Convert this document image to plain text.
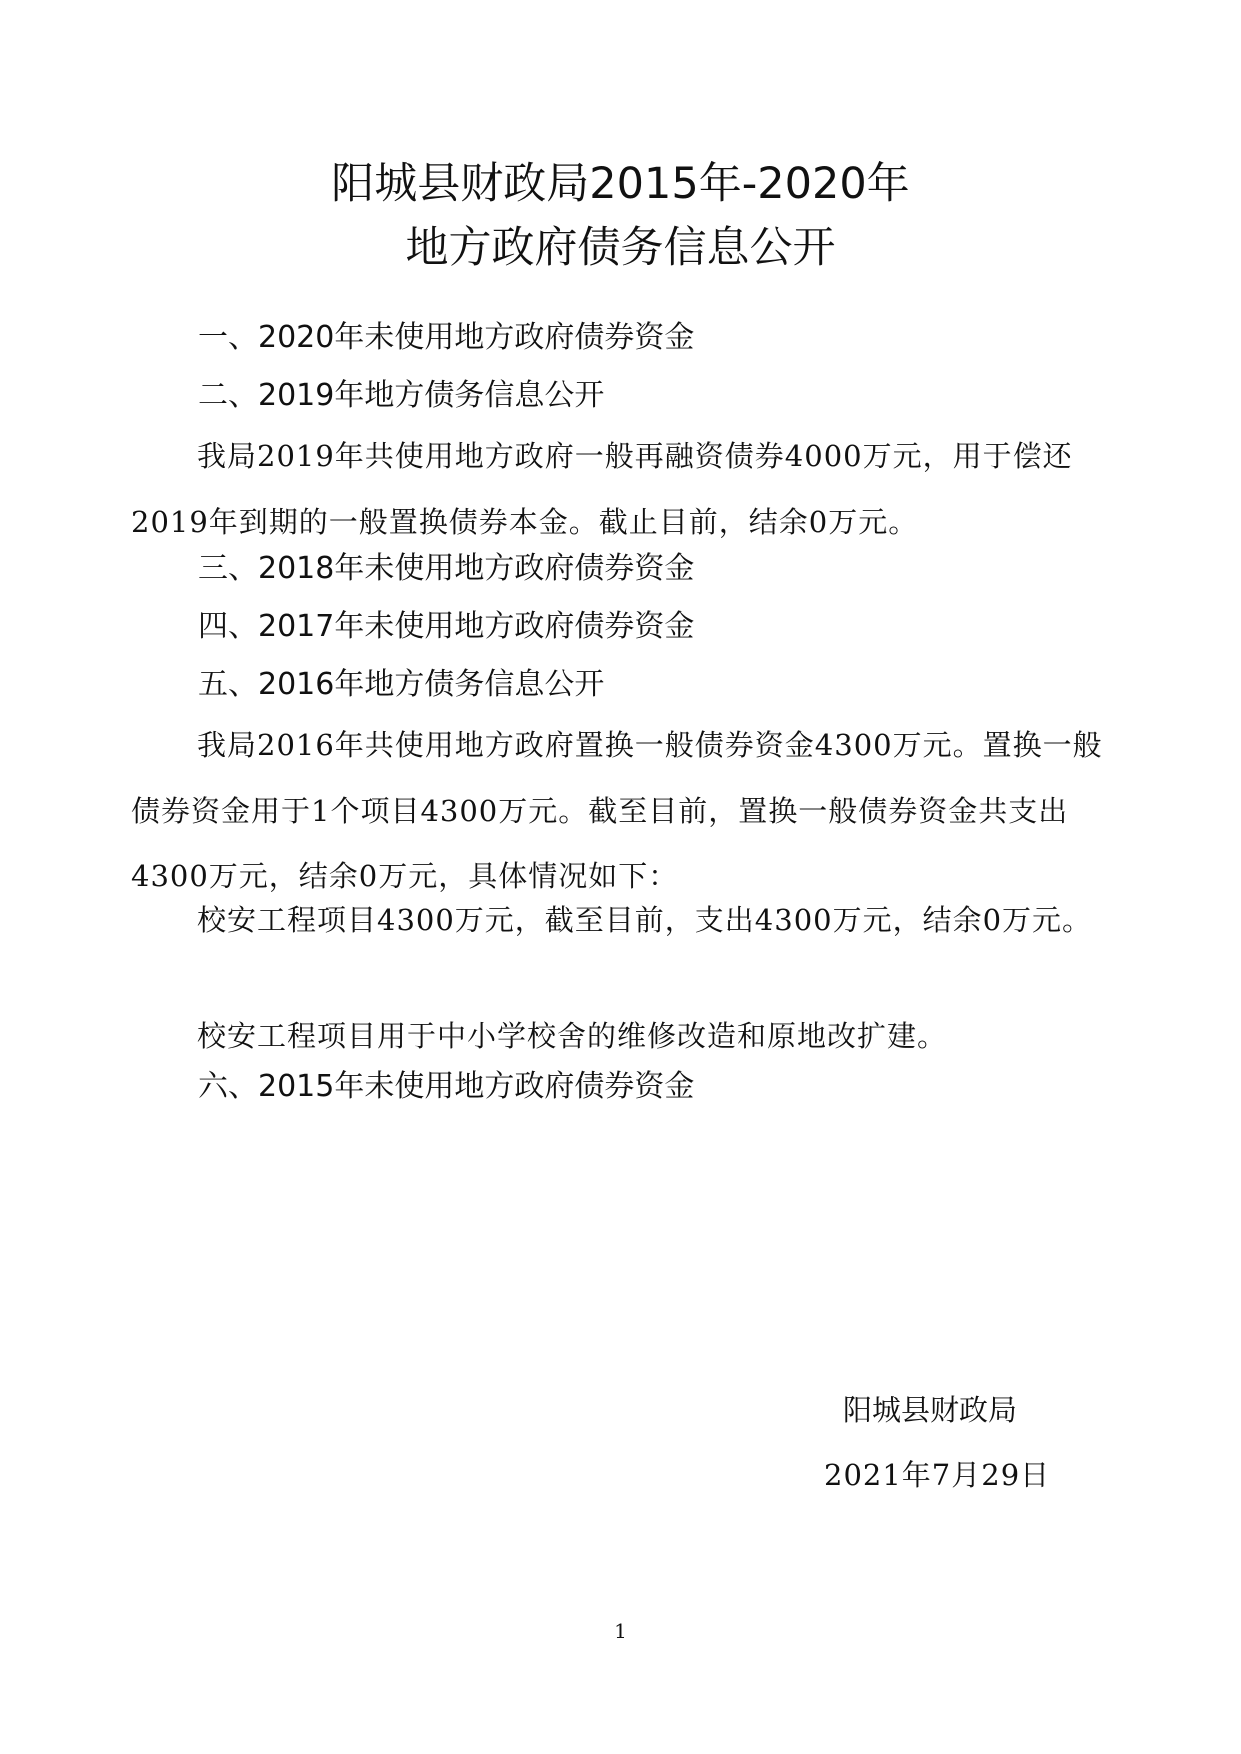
阳城县财政局2015年-2020年
地方政府债务信息公开
一、2020年未使用地方政府债券资金
二、2019年地方债务信息公开
我局2019年共使用地方政府一般再融资债券4000万元，用于偿还2019年到期的一般置换债券本金。截止目前，结余0万元。
三、2018年未使用地方政府债券资金
四、2017年未使用地方政府债券资金
五、2016年地方债务信息公开
我局2016年共使用地方政府置换一般债券资金4300万元。置换一般债券资金用于1个项目4300万元。截至目前，置换一般债券资金共支出4300万元，结余0万元，具体情况如下：
校安工程项目4300万元，截至目前，支出4300万元，结余0万元。
校安工程项目用于中小学校舍的维修改造和原地改扩建。
六、2015年未使用地方政府债券资金
阳城县财政局
2021年7月29日
1
